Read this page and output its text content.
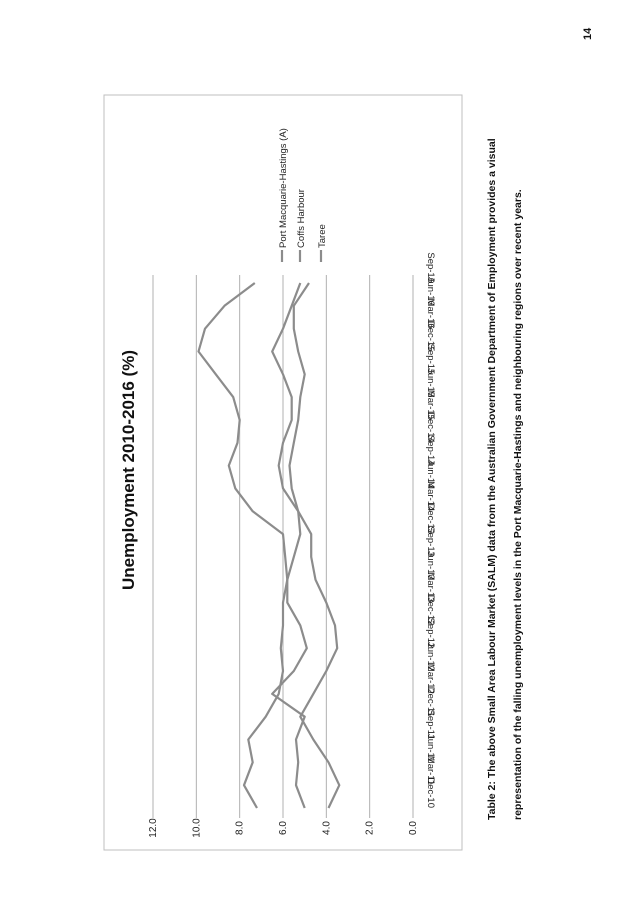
14
0.0
2.0
4.0
6.0
8.0
10.0
12.0
Dec-10
Mar-11
Jun-11
Sep-11
Dec-11
Mar-12
Jun-12
Sep-12
Dec-12
Mar-13
Jun-13
Sep-13
Dec-13
Mar-14
Jun-14
Sep-14
Dec-14
Mar-15
Jun-15
Sep-15
Dec-15
Mar-16
Jun-16
Sep-16
Port Macquarie-Hastings (A) Coffs Harbour Taree
Unemployment 2010-2016 (%)	Table 2: The above Small Area Labour Market (SALM) data from the Australian Government Department of Employment provides a visual representation of the falling unemployment levels in the Port Macquarie-Hastings and neighbouring regions over recent years.
